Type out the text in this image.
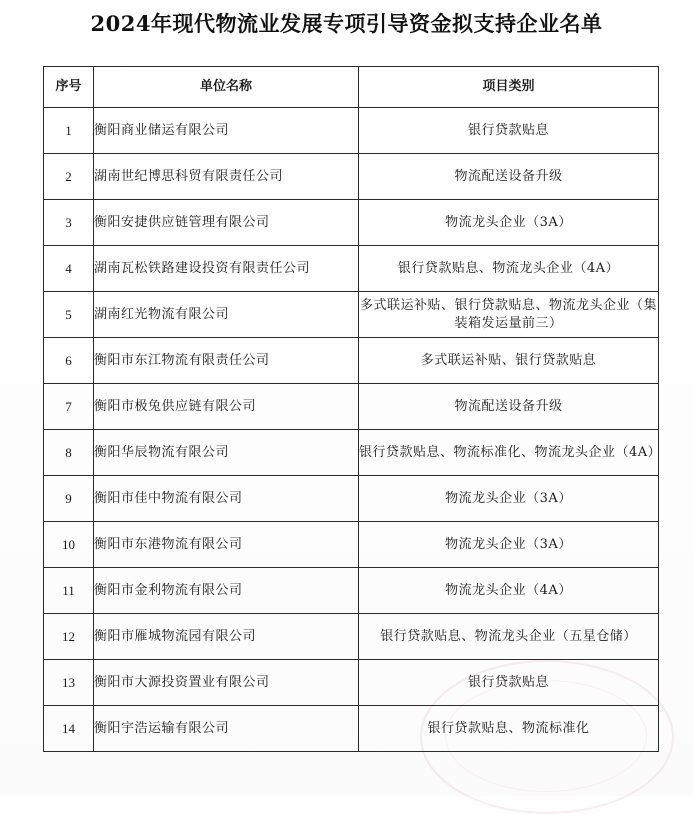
2024年现代物流业发展专项引导资金拟支持企业名单
序号	单位名称	项目类别
1	衡阳商业储运有限公司	银行贷款贴息
2	湖南世纪博思科贸有限责任公司	物流配送设备升级
3	衡阳安捷供应链管理有限公司	物流龙头企业（3A）
4	湖南瓦松铁路建设投资有限责任公司	银行贷款贴息、物流龙头企业（4A）
5	湖南红光物流有限公司	多式联运补贴、银行贷款贴息、物流龙头企业（集装箱发运量前三）
6	衡阳市东江物流有限责任公司	多式联运补贴、银行贷款贴息
7	衡阳市极兔供应链有限公司	物流配送设备升级
8	衡阳华辰物流有限公司	银行贷款贴息、物流标准化、物流龙头企业（4A）
9	衡阳市佳中物流有限公司	物流龙头企业（3A）
10	衡阳市东港物流有限公司	物流龙头企业（3A）
11	衡阳市金利物流有限公司	物流龙头企业（4A）
12	衡阳市雁城物流园有限公司	银行贷款贴息、物流龙头企业（五星仓储）
13	衡阳市大源投资置业有限公司	银行贷款贴息
14	衡阳宇浩运输有限公司	银行贷款贴息、物流标准化
